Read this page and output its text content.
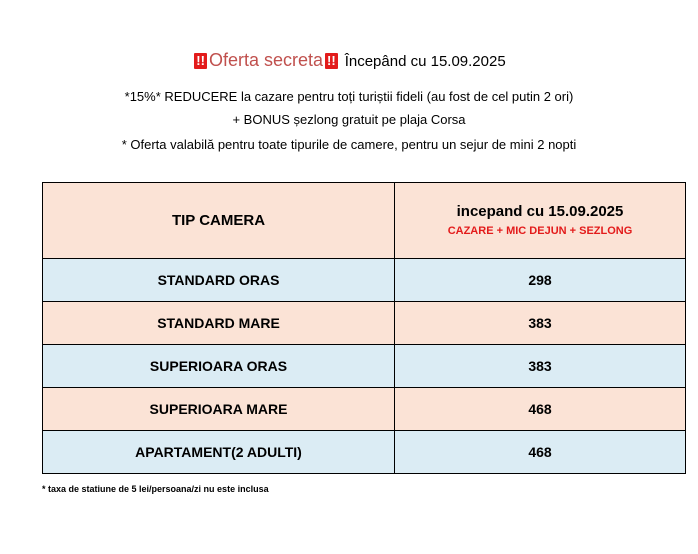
!! Oferta secreta !! Începând cu 15.09.2025
*15%* REDUCERE la cazare pentru toți turiștii fideli (au fost de cel putin 2 ori)
+ BONUS șezlong gratuit pe plaja Corsa
* Oferta valabilă pentru toate tipurile de camere, pentru un sejur de mini 2 nopti
TIP CAMERA	incepand cu 15.09.2025
CAZARE + MIC DEJUN + SEZLONG

STANDARD ORAS	298
STANDARD MARE	383
SUPERIOARA ORAS	383
SUPERIOARA MARE	468
APARTAMENT(2 ADULTI)	468
* taxa de statiune de 5 lei/persoana/zi nu este inclusa
